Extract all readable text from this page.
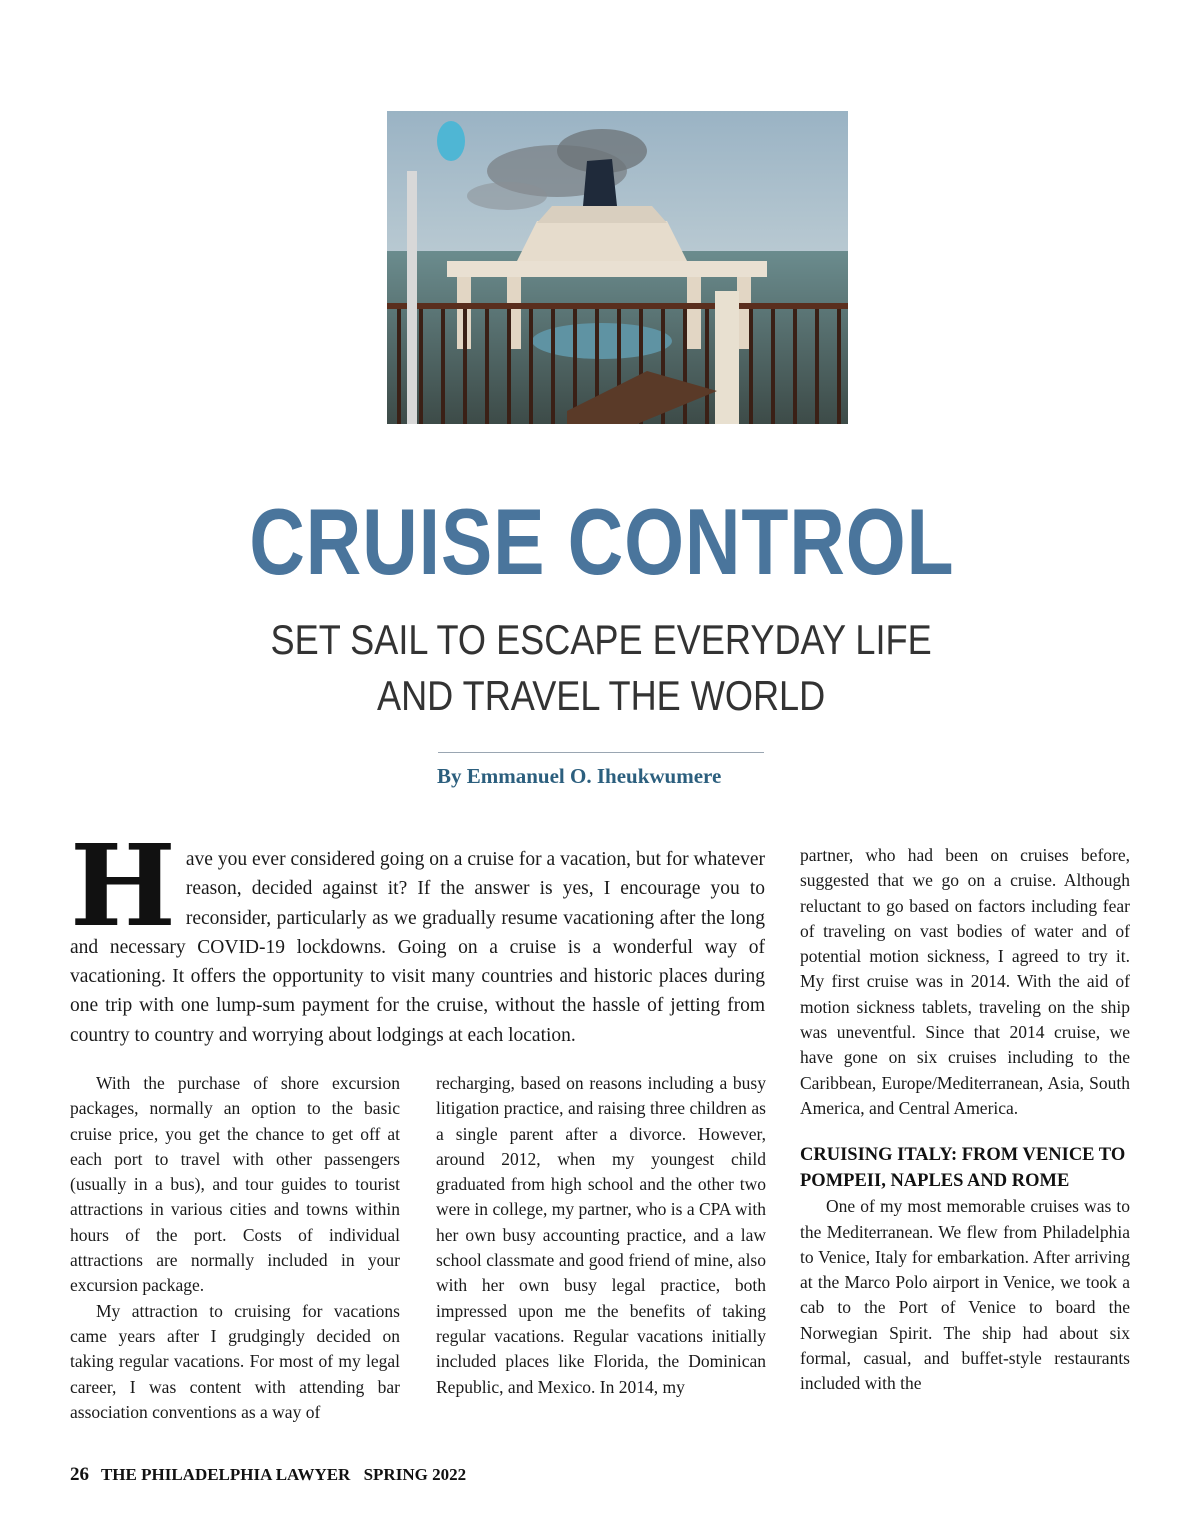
CRUISE CONTROL
SET SAIL TO ESCAPE EVERYDAY LIFE
AND TRAVEL THE WORLD
By Emmanuel O. Iheukwumere

Have you ever considered going on a cruise for a vacation, but for whatever reason, decided against it? If the answer is yes, I encourage you to reconsider, particularly as we gradually resume vacationing after the long and necessary COVID-19 lockdowns. Going on a cruise is a wonderful way of vacationing. It offers the opportunity to visit many countries and historic places during one trip with one lump-sum payment for the cruise, without the hassle of jetting from country to country and worrying about lodgings at each location.

With the purchase of shore excursion packages, normally an option to the basic cruise price, you get the chance to get off at each port to travel with other passengers (usually in a bus), and tour guides to tourist attractions in various cities and towns within hours of the port. Costs of individual attractions are normally included in your excursion package.

My attraction to cruising for vacations came years after I grudgingly decided on taking regular vacations. For most of my legal career, I was content with attending bar association conventions as a way of

recharging, based on reasons including a busy litigation practice, and raising three children as a single parent after a divorce. However, around 2012, when my youngest child graduated from high school and the other two were in college, my partner, who is a CPA with her own busy accounting practice, and a law school classmate and good friend of mine, also with her own busy legal practice, both impressed upon me the benefits of taking regular vacations. Regular vacations initially included places like Florida, the Dominican Republic, and Mexico. In 2014, my

partner, who had been on cruises before, suggested that we go on a cruise. Although reluctant to go based on factors including fear of traveling on vast bodies of water and of potential motion sickness, I agreed to try it. My first cruise was in 2014. With the aid of motion sickness tablets, traveling on the ship was uneventful. Since that 2014 cruise, we have gone on six cruises including to the Caribbean, Europe/Mediterranean, Asia, South America, and Central America.

CRUISING ITALY: FROM VENICE TO POMPEII, NAPLES AND ROME

One of my most memorable cruises was to the Mediterranean. We flew from Philadelphia to Venice, Italy for embarkation. After arriving at the Marco Polo airport in Venice, we took a cab to the Port of Venice to board the Norwegian Spirit. The ship had about six formal, casual, and buffet-style restaurants included with the

26 THE PHILADELPHIA LAWYER SPRING 2022
